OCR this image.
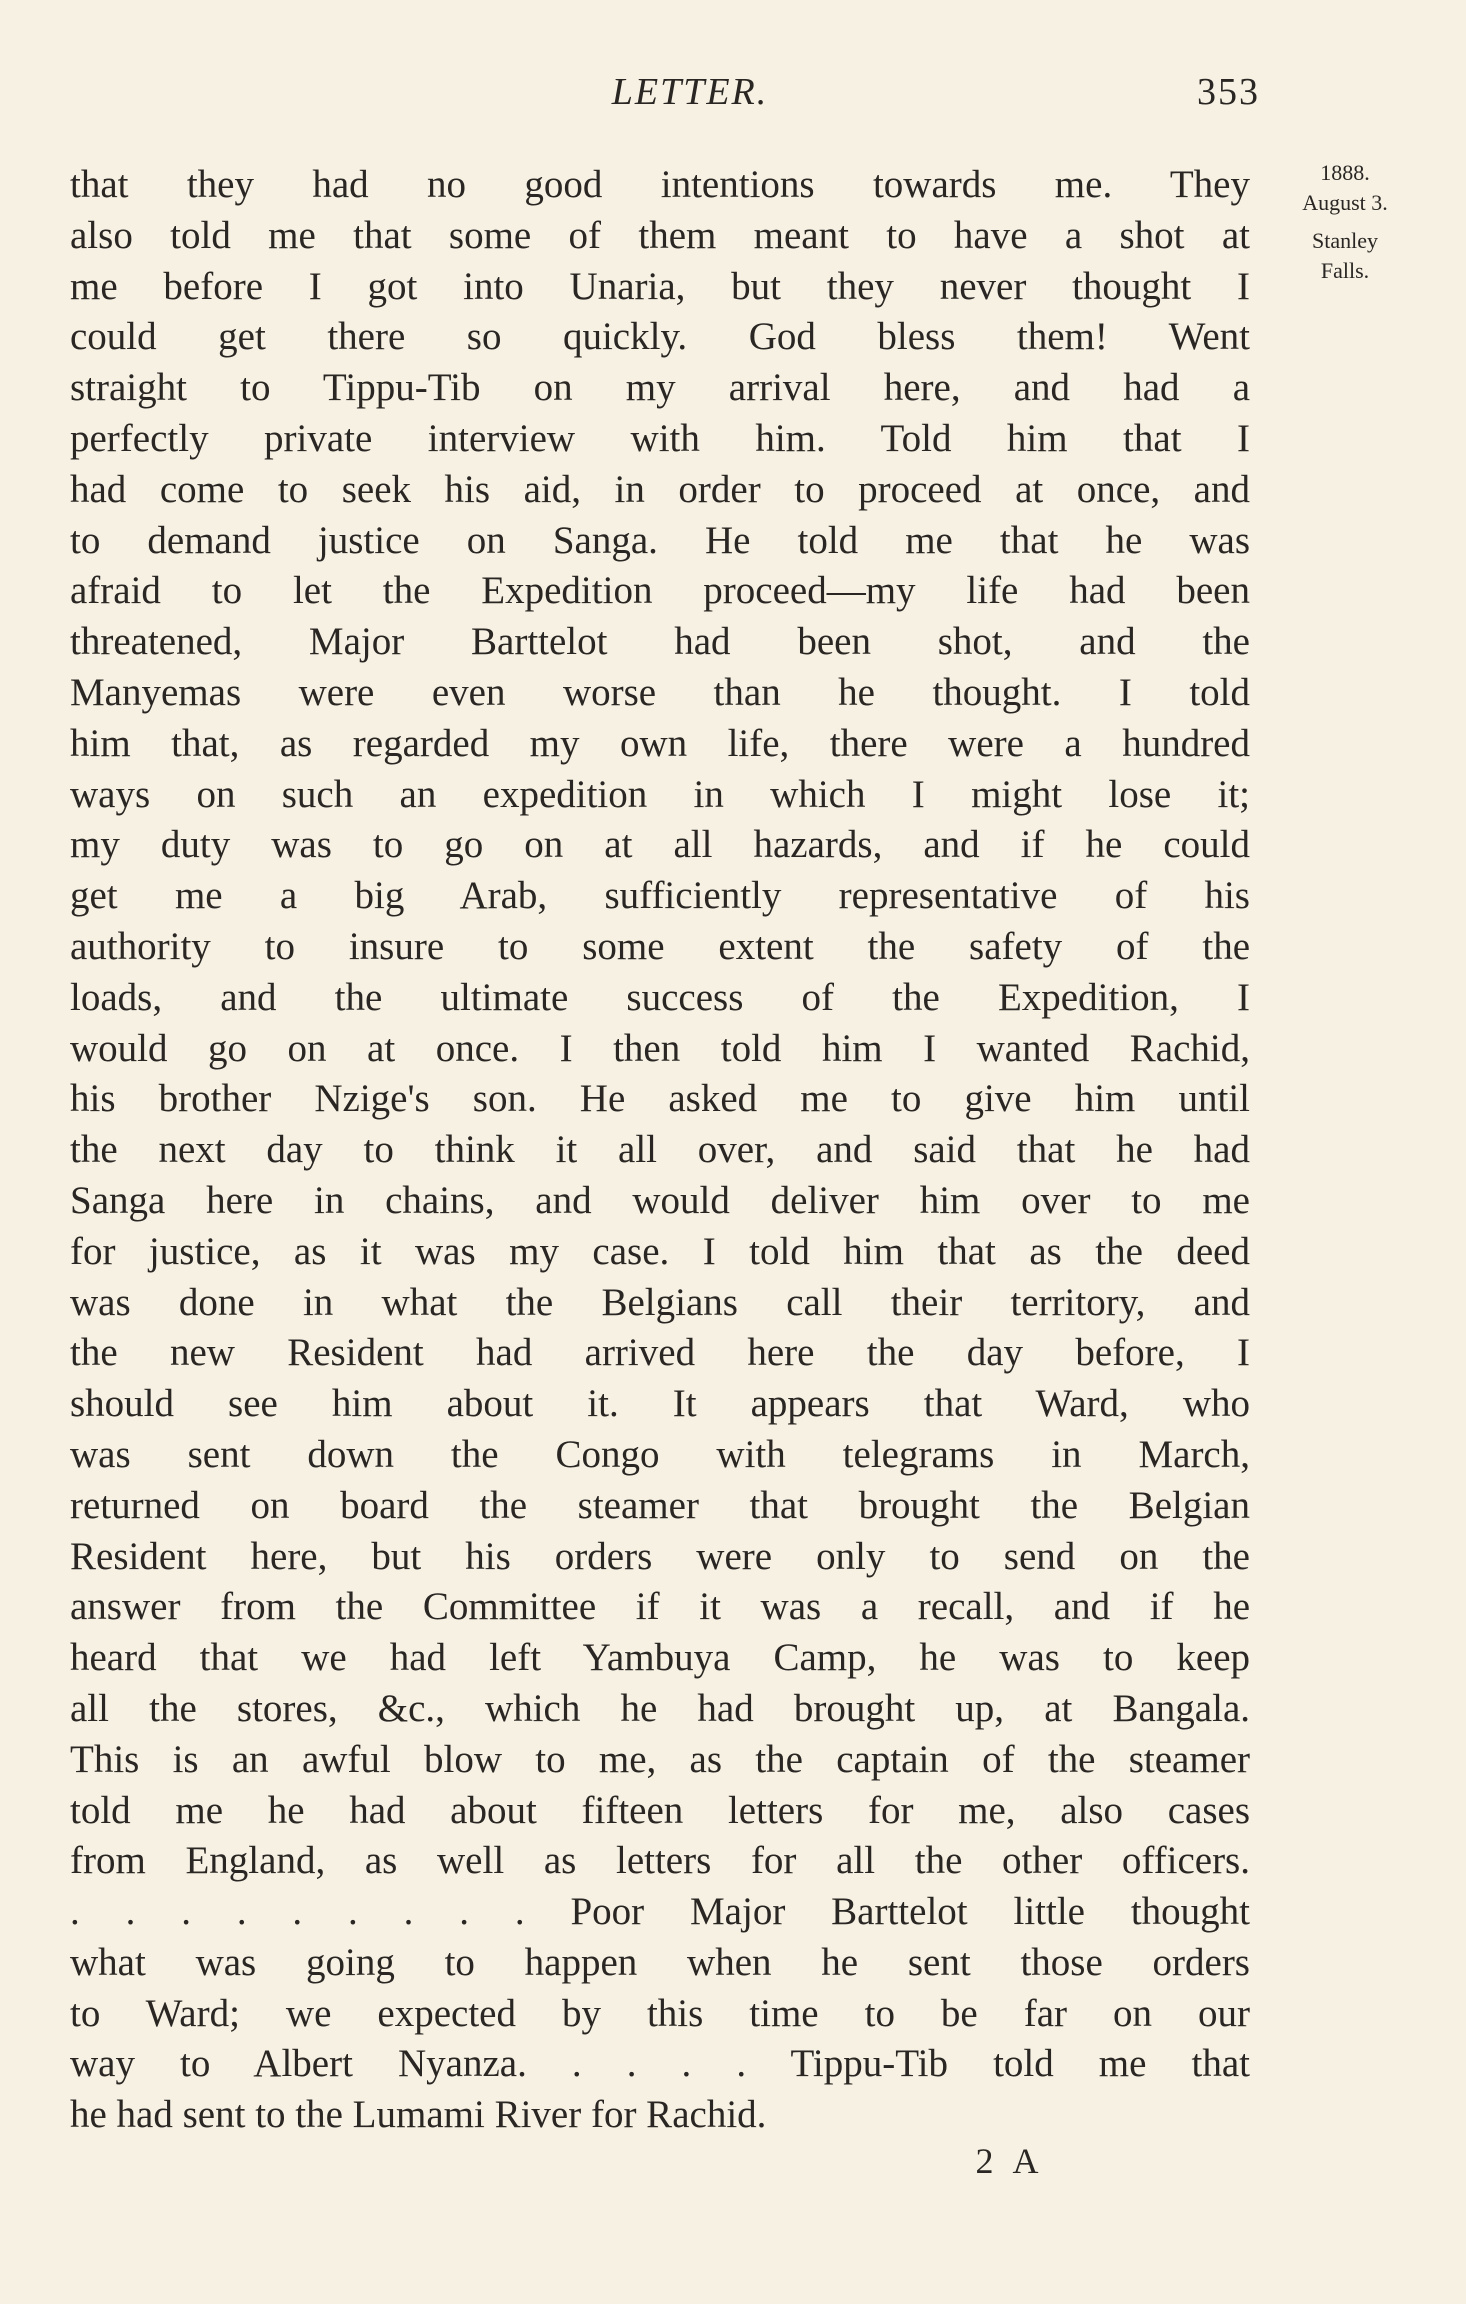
LETTER.	353
1888.
August 3.
Stanley
Falls.
that they had no good intentions towards me. They
also told me that some of them meant to have a shot at
me before I got into Unaria, but they never thought I
could get there so quickly. God bless them! Went
straight to Tippu-Tib on my arrival here, and had a
perfectly private interview with him. Told him that I
had come to seek his aid, in order to proceed at once, and
to demand justice on Sanga. He told me that he was
afraid to let the Expedition proceed—my life had been
threatened, Major Barttelot had been shot, and the
Manyemas were even worse than he thought. I told
him that, as regarded my own life, there were a hundred
ways on such an expedition in which I might lose it;
my duty was to go on at all hazards, and if he could
get me a big Arab, sufficiently representative of his
authority to insure to some extent the safety of the
loads, and the ultimate success of the Expedition, I
would go on at once. I then told him I wanted Rachid,
his brother Nzige's son. He asked me to give him until
the next day to think it all over, and said that he had
Sanga here in chains, and would deliver him over to me
for justice, as it was my case. I told him that as the deed
was done in what the Belgians call their territory, and
the new Resident had arrived here the day before, I
should see him about it. It appears that Ward, who
was sent down the Congo with telegrams in March,
returned on board the steamer that brought the Belgian
Resident here, but his orders were only to send on the
answer from the Committee if it was a recall, and if he
heard that we had left Yambuya Camp, he was to keep
all the stores, &c., which he had brought up, at Bangala.
This is an awful blow to me, as the captain of the steamer
told me he had about fifteen letters for me, also cases
from England, as well as letters for all the other officers.
. . . . . . . . . Poor Major Barttelot little thought
what was going to happen when he sent those orders
to Ward; we expected by this time to be far on our
way to Albert Nyanza. . . . . Tippu-Tib told me that
he had sent to the Lumami River for Rachid.
2 A
